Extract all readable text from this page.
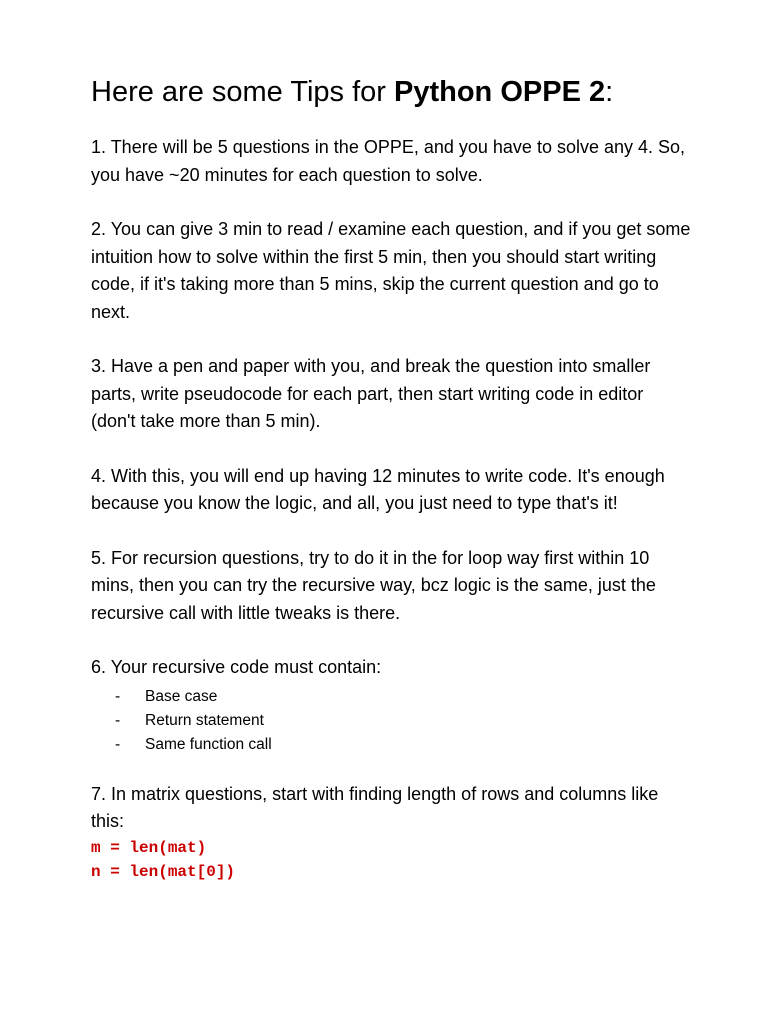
Here are some Tips for Python OPPE 2:

1. There will be 5 questions in the OPPE, and you have to solve any 4. So, you have ~20 minutes for each question to solve.

2. You can give 3 min to read / examine each question, and if you get some intuition how to solve within the first 5 min, then you should start writing code, if it's taking more than 5 mins, skip the current question and go to next.

3. Have a pen and paper with you, and break the question into smaller parts, write pseudocode for each part, then start writing code in editor (don't take more than 5 min).

4. With this, you will end up having 12 minutes to write code. It's enough because you know the logic, and all, you just need to type that's it!

5. For recursion questions, try to do it in the for loop way first within 10 mins, then you can try the recursive way, bcz logic is the same, just the recursive call with little tweaks is there.

6. Your recursive code must contain:

- Base case
- Return statement
- Same function call

7. In matrix questions, start with finding length of rows and columns like this:

m = len(mat)

n = len(mat[0])
